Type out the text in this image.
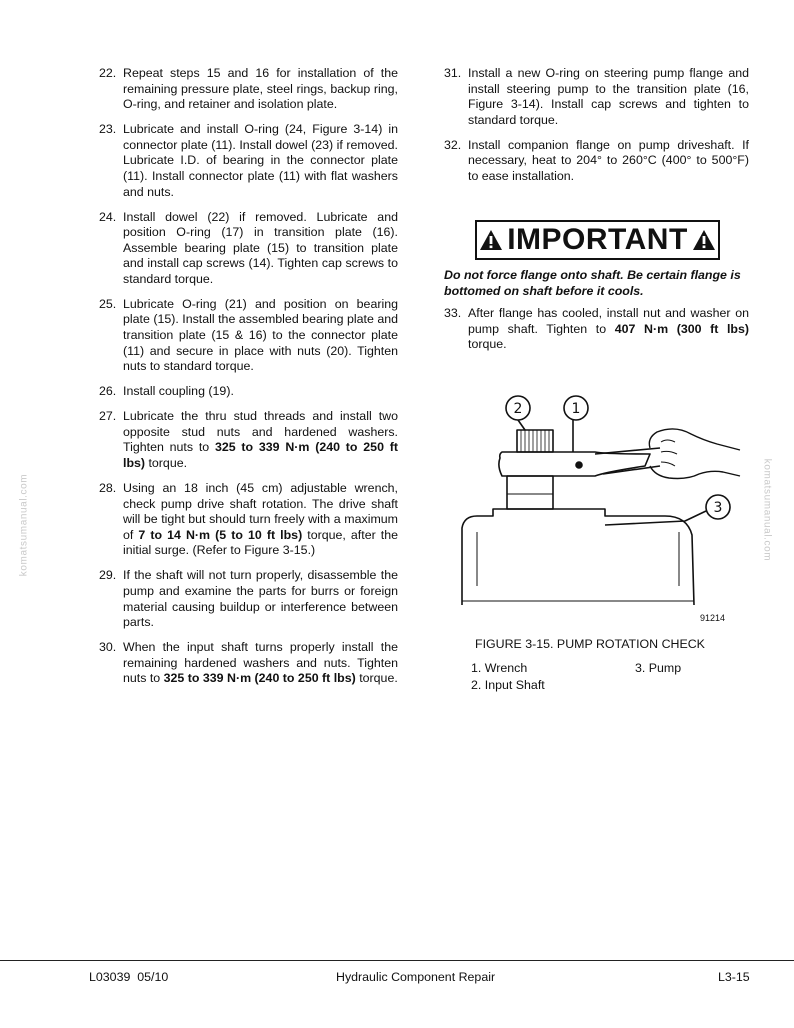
komatsumanual.com	komatsumanual.com
22. Repeat steps 15 and 16 for installation of the remaining pressure plate, steel rings, backup ring, O-ring, and retainer and isolation plate.
23. Lubricate and install O-ring (24, Figure 3-14) in connector plate (11). Install dowel (23) if removed. Lubricate I.D. of bearing in the connector plate (11). Install connector plate (11) with flat washers and nuts.
24. Install dowel (22) if removed. Lubricate and position O-ring (17) in transition plate (16). Assemble bearing plate (15) to transition plate and install cap screws (14). Tighten cap screws to standard torque.
25. Lubricate O-ring (21) and position on bearing plate (15). Install the assembled bearing plate and transition plate (15 & 16) to the connector plate (11) and secure in place with nuts (20). Tighten nuts to standard torque.
26. Install coupling (19).
27. Lubricate the thru stud threads and install two opposite stud nuts and hardened washers. Tighten nuts to 325 to 339 N·m (240 to 250 ft lbs) torque.
28. Using an 18 inch (45 cm) adjustable wrench, check pump drive shaft rotation. The drive shaft will be tight but should turn freely with a maximum of 7 to 14 N·m (5 to 10 ft lbs) torque, after the initial surge. (Refer to Figure 3-15.)
29. If the shaft will not turn properly, disassemble the pump and examine the parts for burrs or foreign material causing buildup or interference between parts.
30. When the input shaft turns properly install the remaining hardened washers and nuts. Tighten nuts to 325 to 339 N·m (240 to 250 ft lbs) torque.
31. Install a new O-ring on steering pump flange and install steering pump to the transition plate (16, Figure 3-14). Install cap screws and tighten to standard torque.
32. Install companion flange on pump driveshaft. If necessary, heat to 204° to 260°C (400° to 500°F) to ease installation.
IMPORTANT
Do not force flange onto shaft. Be certain flange is bottomed on shaft before it cools.
33. After flange has cooled, install nut and washer on pump shaft. Tighten to 407 N·m (300 ft lbs) torque.
2	1
3
91214
FIGURE 3-15. PUMP ROTATION CHECK
1. Wrench	3. Pump
2. Input Shaft
L03039  05/10	Hydraulic Component Repair	L3-15
